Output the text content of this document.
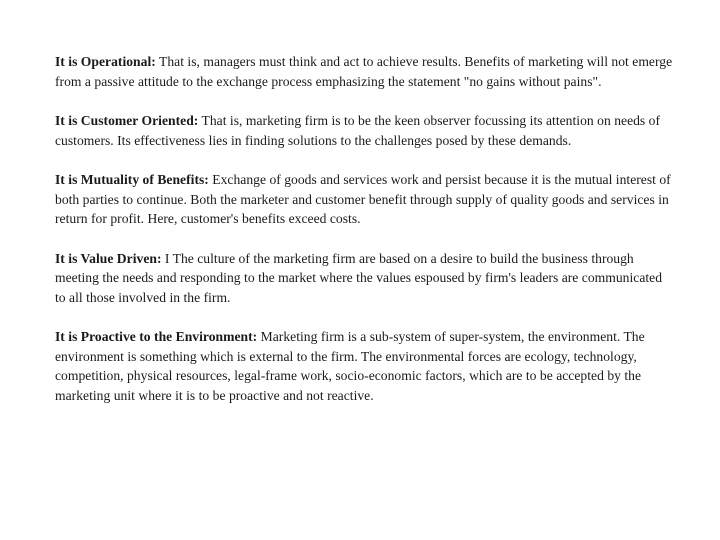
It is Operational: That is, managers must think and act to achieve results. Benefits of marketing will not emerge from a passive attitude to the exchange process emphasizing the statement "no gains without pains".

It is Customer Oriented: That is, marketing firm is to be the keen observer focussing its attention on needs of customers. Its effectiveness lies in finding solutions to the challenges posed by these demands.

It is Mutuality of Benefits: Exchange of goods and services work and persist because it is the mutual interest of both parties to continue. Both the marketer and customer benefit through supply of quality goods and services in return for profit. Here, customer's benefits exceed costs.

It is Value Driven: I The culture of the marketing firm are based on a desire to build the business through meeting the needs and responding to the market where the values espoused by firm's leaders are communicated to all those involved in the firm.

It is Proactive to the Environment: Marketing firm is a sub-system of super-system, the environment. The environment is something which is external to the firm. The environmental forces are ecology, technology, competition, physical resources, legal-frame work, socio-economic factors, which are to be accepted by the marketing unit where it is to be proactive and not reactive.
